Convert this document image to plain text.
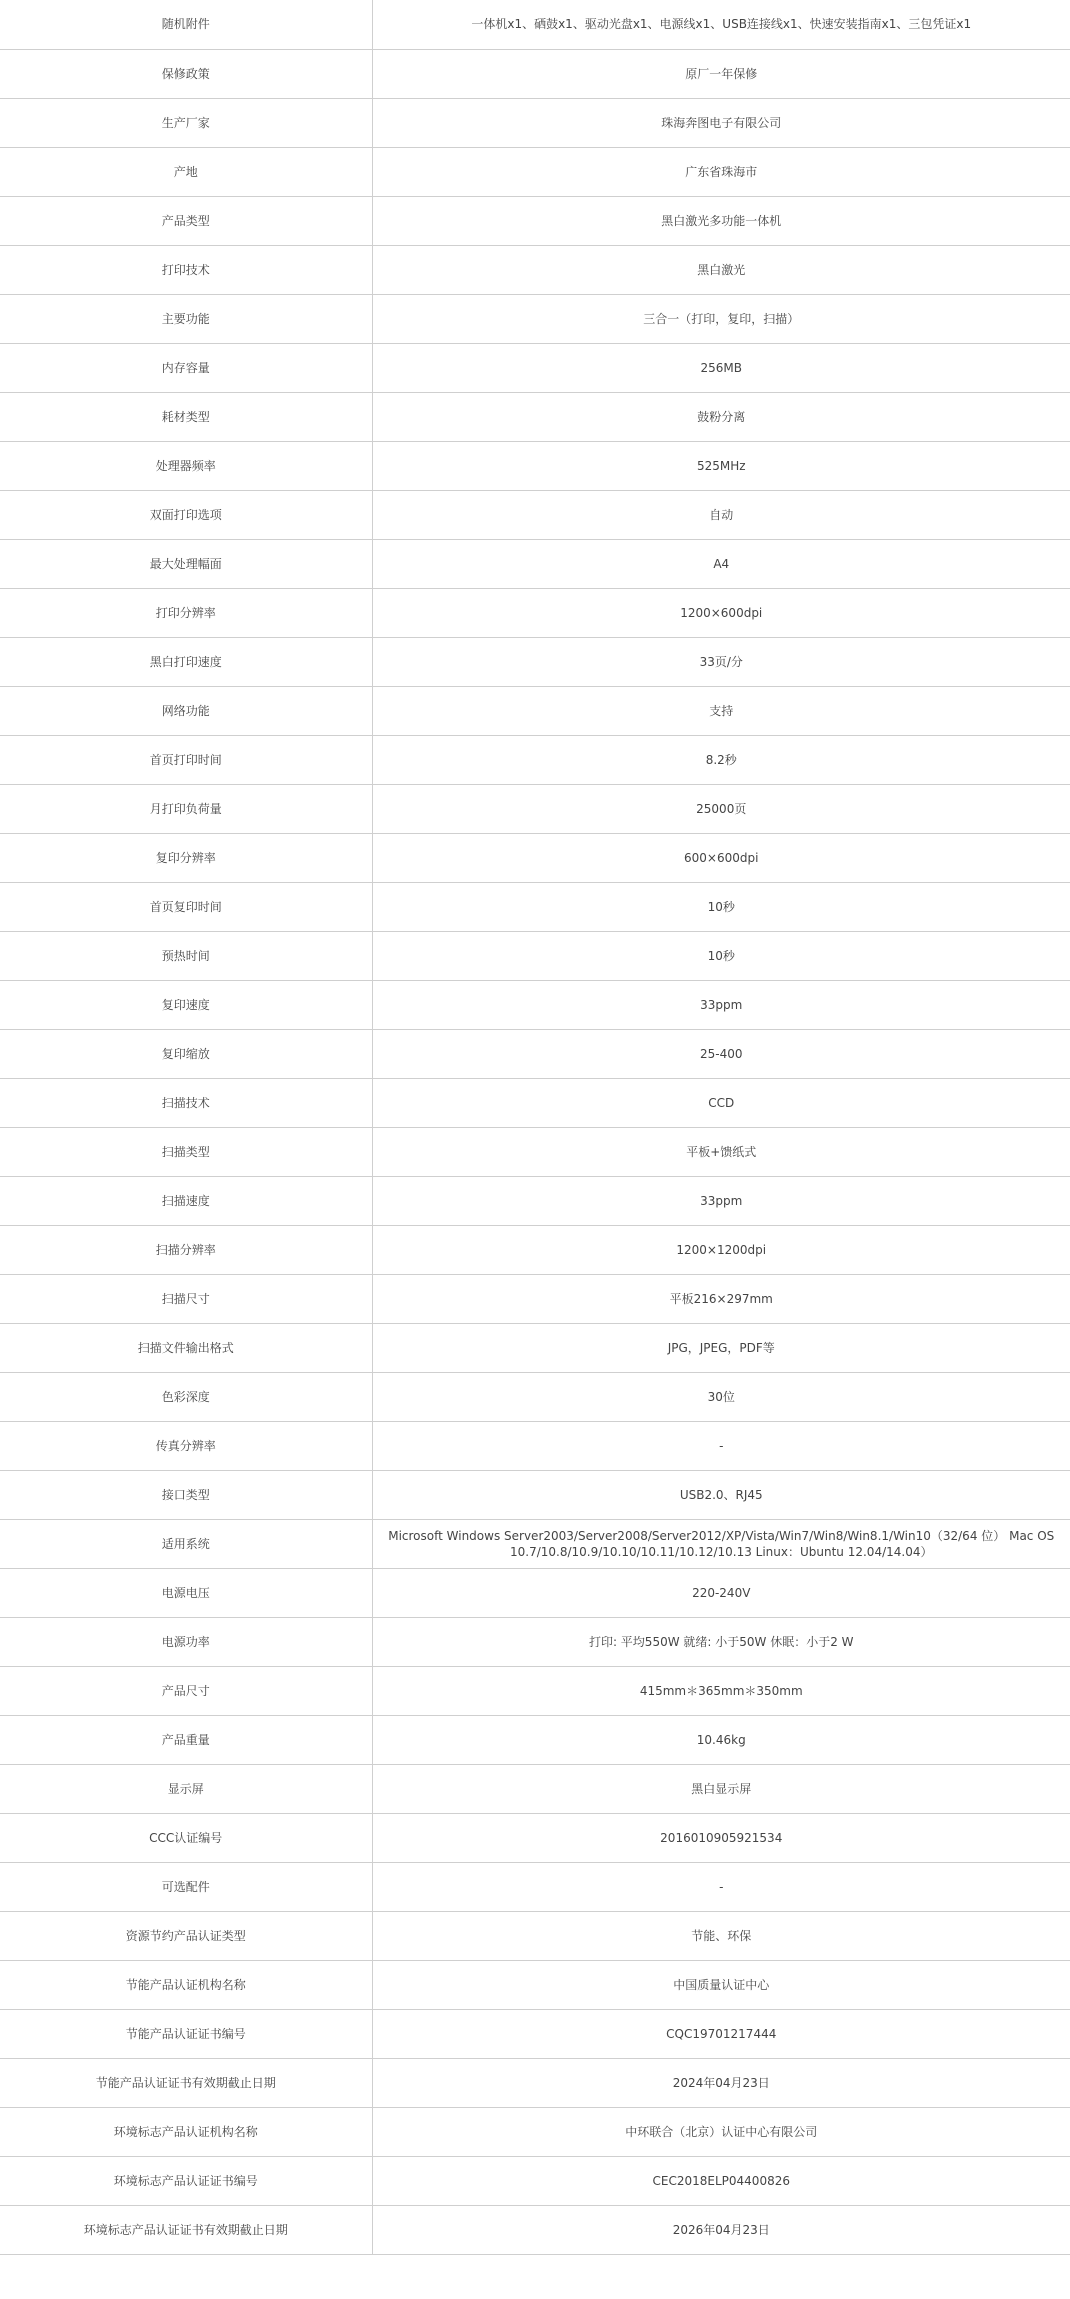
随机附件	一体机x1、硒鼓x1、驱动光盘x1、电源线x1、USB连接线x1、快速安装指南x1、三包凭证x1
保修政策	原厂一年保修
生产厂家	珠海奔图电子有限公司
产地	广东省珠海市
产品类型	黑白激光多功能一体机
打印技术	黑白激光
主要功能	三合一（打印，复印，扫描）
内存容量	256MB
耗材类型	鼓粉分离
处理器频率	525MHz
双面打印选项	自动
最大处理幅面	A4
打印分辨率	1200×600dpi
黑白打印速度	33页/分
网络功能	支持
首页打印时间	8.2秒
月打印负荷量	25000页
复印分辨率	600×600dpi
首页复印时间	10秒
预热时间	10秒
复印速度	33ppm
复印缩放	25-400
扫描技术	CCD
扫描类型	平板+馈纸式
扫描速度	33ppm
扫描分辨率	1200×1200dpi
扫描尺寸	平板216×297mm
扫描文件输出格式	JPG，JPEG，PDF等
色彩深度	30位
传真分辨率	-
接口类型	USB2.0、RJ45
适用系统	Microsoft Windows Server2003/Server2008/Server2012/XP/Vista/Win7/Win8/Win8.1/Win10（32/64 位） Mac OS 10.7/10.8/10.9/10.10/10.11/10.12/10.13 Linux：Ubuntu 12.04/14.04）
电源电压	220-240V
电源功率	打印: 平均550W 就绪: 小于50W 休眠：小于2 W
产品尺寸	415mm＊365mm＊350mm
产品重量	10.46kg
显示屏	黑白显示屏
CCC认证编号	2016010905921534
可选配件	-
资源节约产品认证类型	节能、环保
节能产品认证机构名称	中国质量认证中心
节能产品认证证书编号	CQC19701217444
节能产品认证证书有效期截止日期	2024年04月23日
环境标志产品认证机构名称	中环联合（北京）认证中心有限公司
环境标志产品认证证书编号	CEC2018ELP04400826
环境标志产品认证证书有效期截止日期	2026年04月23日
